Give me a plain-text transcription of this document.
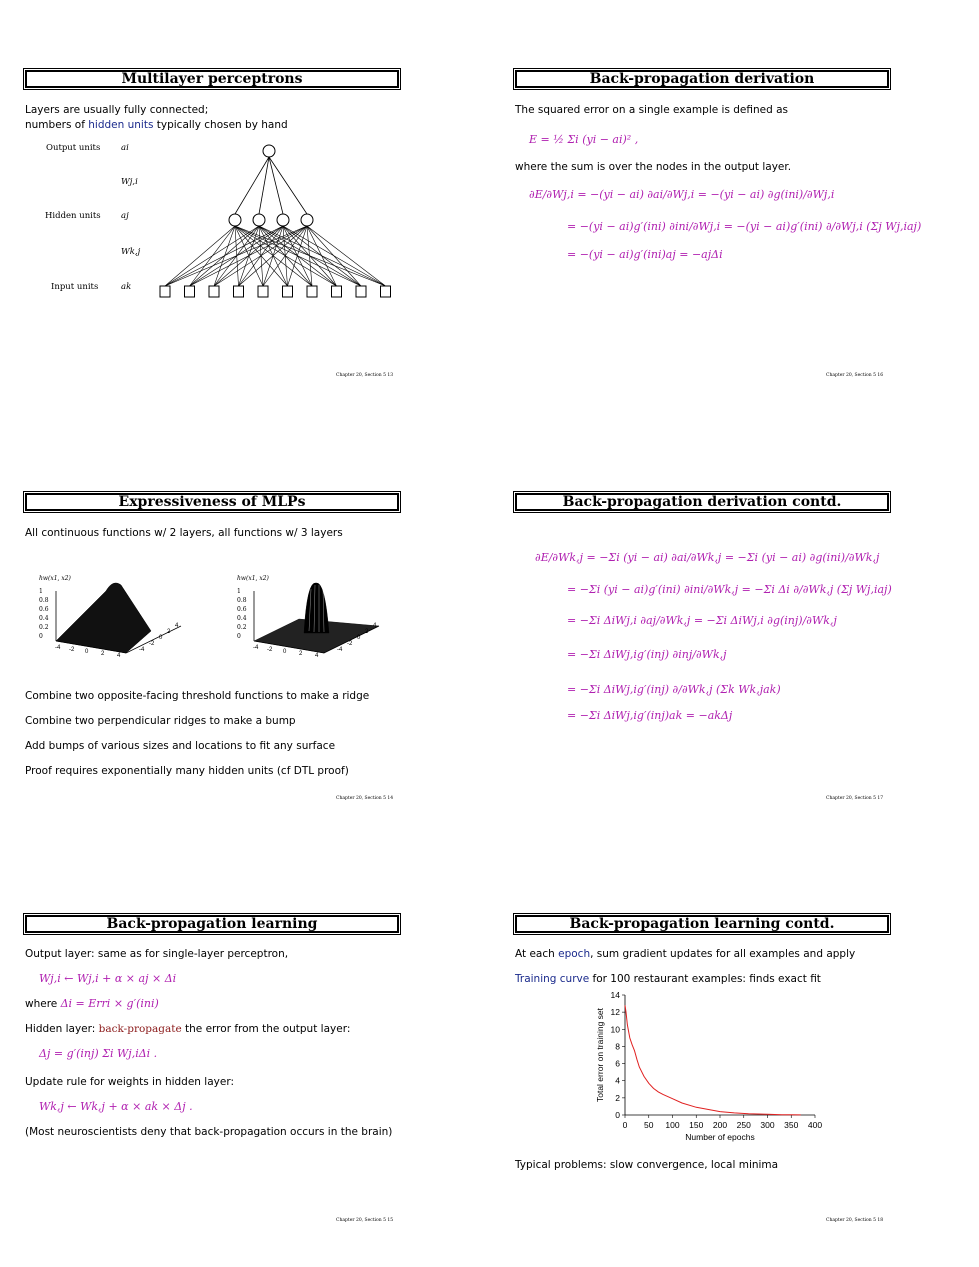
Multilayer perceptrons
Layers are usually fully connected;
numbers of hidden units typically chosen by hand
Output units
Hidden units
Input units
ai
Wj,i
aj
Wk,j
ak
Chapter 20, Section 5 13
Back-propagation derivation
The squared error on a single example is defined as
E = ½ Σi (yi − ai)² ,
where the sum is over the nodes in the output layer.
∂E/∂Wj,i = −(yi − ai) ∂ai/∂Wj,i = −(yi − ai) ∂g(ini)/∂Wj,i
= −(yi − ai)g′(ini) ∂ini/∂Wj,i = −(yi − ai)g′(ini) ∂/∂Wj,i (Σj Wj,iaj)
= −(yi − ai)g′(ini)aj = −ajΔi
Chapter 20, Section 5 16
Expressiveness of MLPs
All continuous functions w/ 2 layers, all functions w/ 3 layers
hw(x1, x2)
1
0.8
0.6
0.4
0.2
0
-4 -2 0 2 4
-4
-2
0
2
4
hw(x1, x2)
1
0.8
0.6
0.4
0.2
0
-4 -2 0 2 4
-4
-2
0
2
4
Combine two opposite-facing threshold functions to make a ridge
Combine two perpendicular ridges to make a bump
Add bumps of various sizes and locations to fit any surface
Proof requires exponentially many hidden units (cf DTL proof)
Chapter 20, Section 5 14
Back-propagation derivation contd.
∂E/∂Wk,j = −Σi (yi − ai) ∂ai/∂Wk,j = −Σi (yi − ai) ∂g(ini)/∂Wk,j
= −Σi (yi − ai)g′(ini) ∂ini/∂Wk,j = −Σi Δi ∂/∂Wk,j (Σj Wj,iaj)
= −Σi ΔiWj,i ∂aj/∂Wk,j = −Σi ΔiWj,i ∂g(inj)/∂Wk,j
= −Σi ΔiWj,ig′(inj) ∂inj/∂Wk,j
= −Σi ΔiWj,ig′(inj) ∂/∂Wk,j (Σk Wk,jak)
= −Σi ΔiWj,ig′(inj)ak = −akΔj
Chapter 20, Section 5 17
Back-propagation learning
Output layer: same as for single-layer perceptron,
Wj,i ← Wj,i + α × aj × Δi
where Δi = Erri × g′(ini)
Hidden layer: back-propagate the error from the output layer:
Δj = g′(inj) Σi Wj,iΔi .
Update rule for weights in hidden layer:
Wk,j ← Wk,j + α × ak × Δj .
(Most neuroscientists deny that back-propagation occurs in the brain)
Chapter 20, Section 5 15
Back-propagation learning contd.
At each epoch, sum gradient updates for all examples and apply
Training curve for 100 restaurant examples: finds exact fit
0 50 100 150 200 250 300 350 400
0
2
4
6
8
10
12
14
Number of epochs
Total error on training set
Typical problems: slow convergence, local minima
Chapter 20, Section 5 18
